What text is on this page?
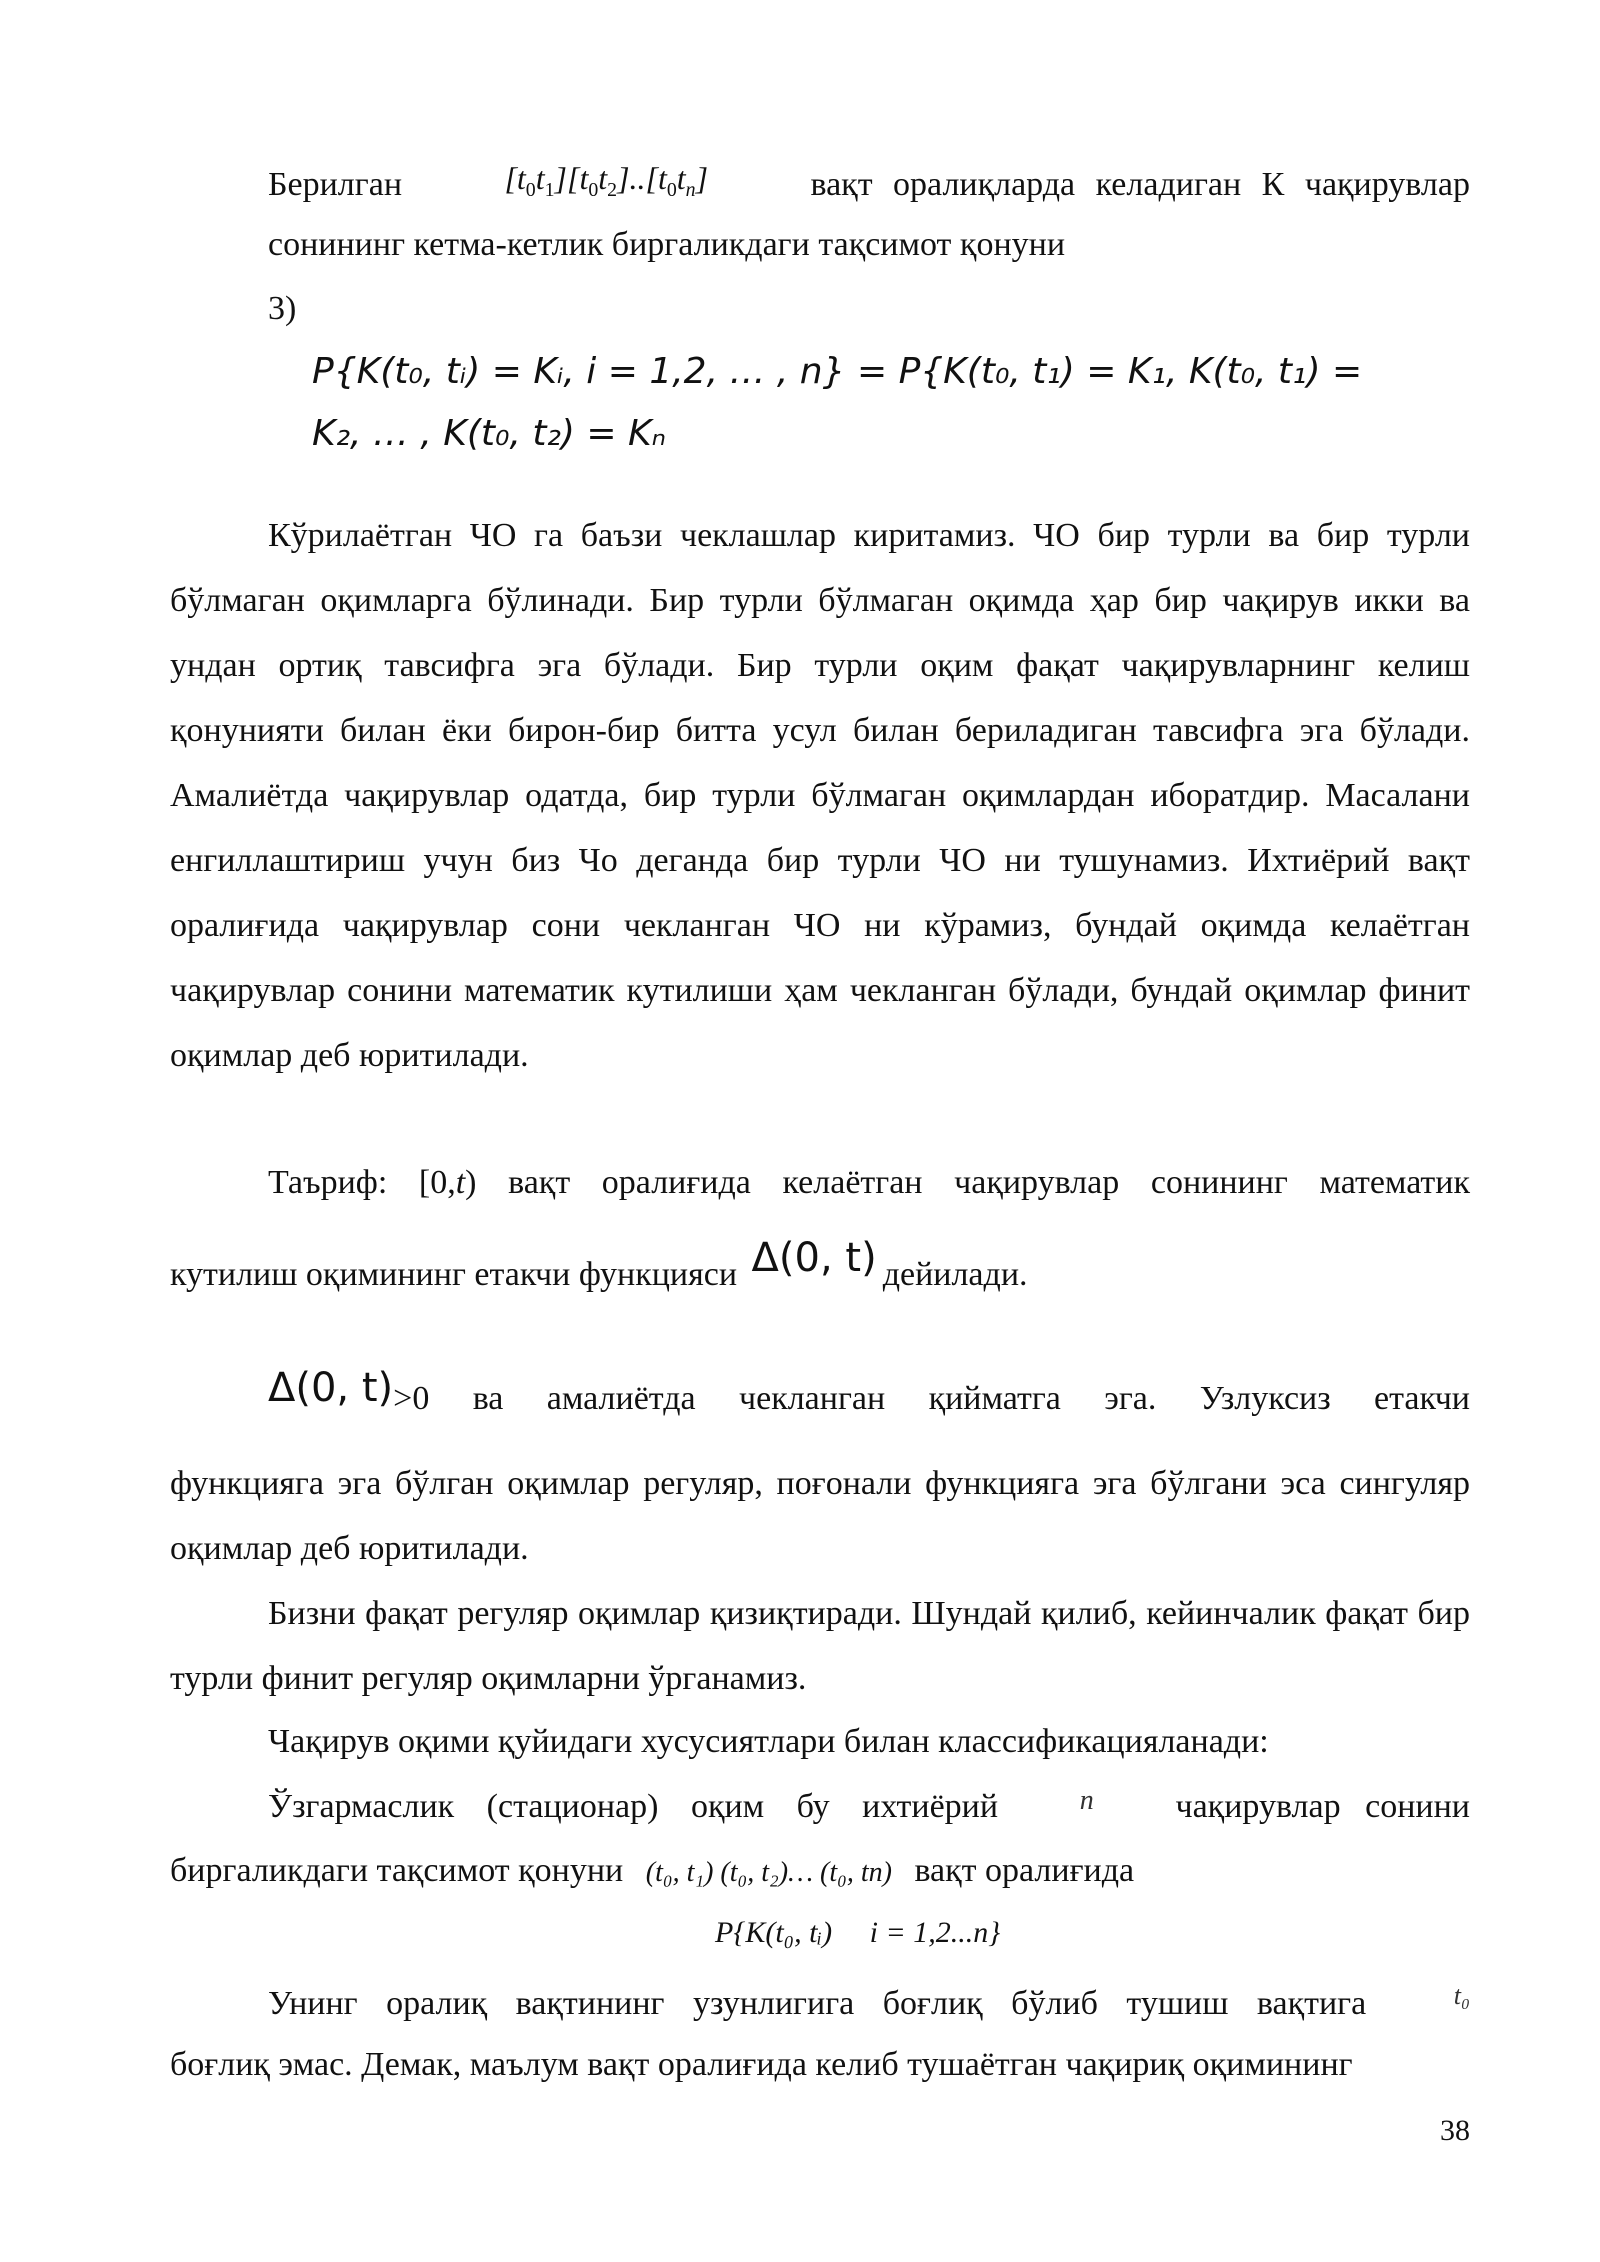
Берилган	$[t_0t_1][t_0t_2]..[t_0t_n]$	вақт оралиқларда келадиган К чақирувлар
сонининг кетма-кетлик биргаликдаги тақсимот қонуни
3)
P{K(t₀, tᵢ) = Kᵢ, i = 1,2, … , n} = P{K(t₀, t₁) = K₁, K(t₀, t₁) =
K₂, … , K(t₀, t₂) = Kₙ
Кўрилаётган ЧО га баъзи чеклашлар киритамиз. ЧО бир турли ва бир турли бўлмаган оқимларга бўлинади. Бир турли бўлмаган оқимда ҳар бир чақирув икки ва ундан ортиқ тавсифга эга бўлади. Бир турли оқим фақат чақирувларнинг келиш қонунияти билан ёки бирон-бир битта усул билан бериладиган тавсифга эга бўлади. Амалиётда чақирувлар одатда, бир турли бўлмаган оқимлардан иборатдир. Масалани енгиллаштириш учун биз Чо деганда бир турли ЧО ни тушунамиз. Ихтиёрий вақт оралиғида чақирувлар сони чекланган ЧО ни кўрамиз, бундай оқимда келаётган чақирувлар сонини математик кутилиши ҳам чекланган бўлади, бундай оқимлар финит оқимлар деб юритилади.
Таъриф: [0,t) вақт оралиғида келаётган чақирувлар сонининг математик
кутилиш оқимининг етакчи функцияси Δ(0, t) дейилади.
Δ(0, t) >0 ва амалиётда чекланган қийматга эга. Узлуксиз етакчи
функцияга эга бўлган оқимлар регуляр, поғонали функцияга эга бўлгани эса сингуляр оқимлар деб юритилади.
Бизни фақат регуляр оқимлар қизиқтиради. Шундай қилиб, кейинчалик фақат бир турли финит регуляр оқимларни ўрганамиз.
Чақирув оқими қуйидаги хусусиятлари билан классификацияланади:
Ўзгармаслик (стационар) оқим бу ихтиёрий	n чақирувлар сонини
биргаликдаги тақсимот қонуни (t₀, t₁) (t₀, t₂)… (t₀, tn) вақт оралиғида
P{K(t₀, tᵢ)     i = 1,2...n}
Унинг оралиқ вақтининг узунлигига боғлиқ бўлиб тушиш вақтига	t₀
боғлиқ эмас. Демак, маълум вақт оралиғида келиб тушаётган чақириқ оқимининг
38
